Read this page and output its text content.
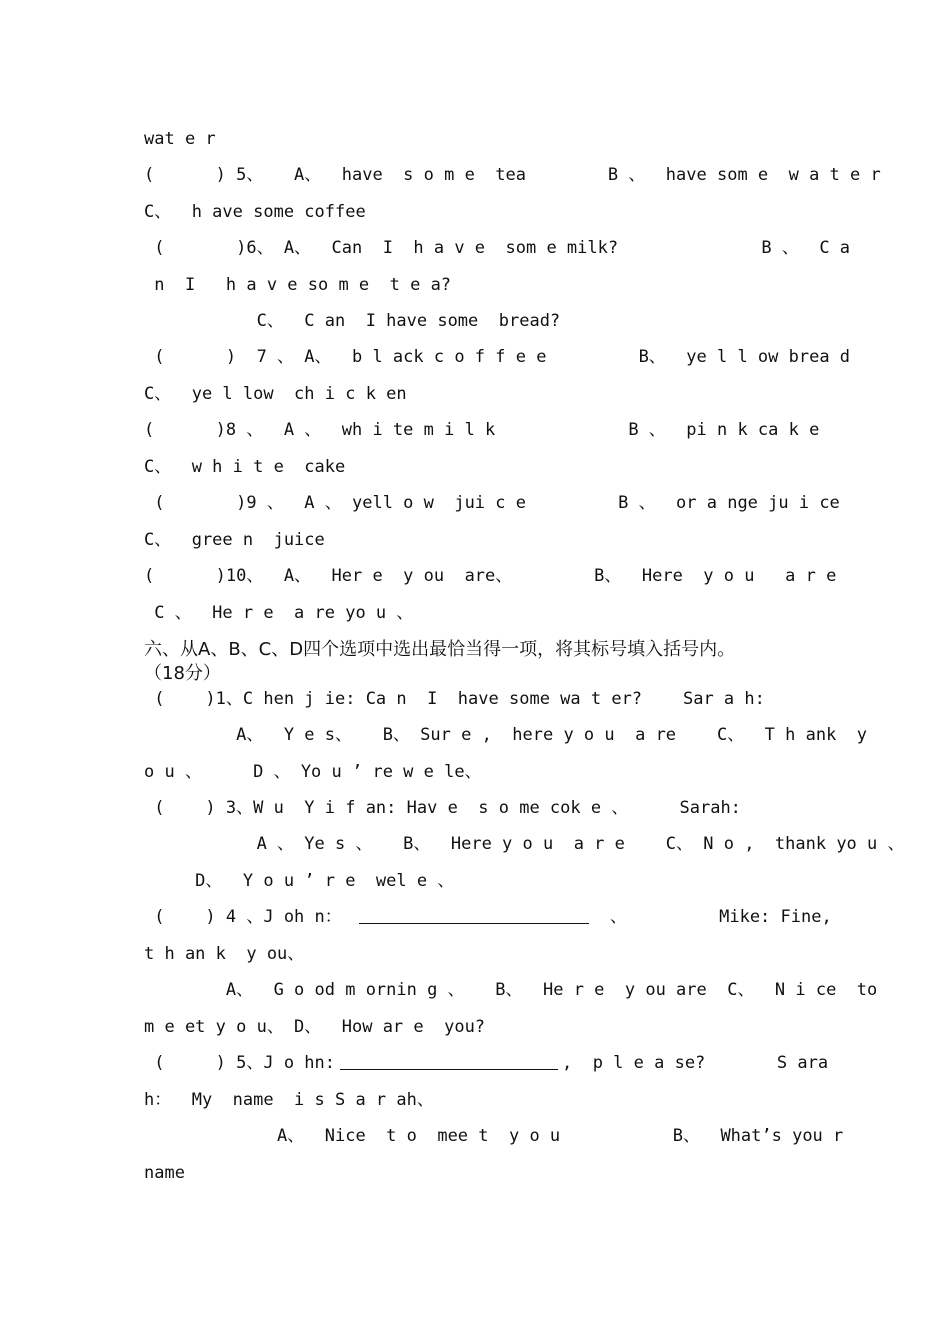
wat e r
(      ) 5、   A、  have  s o m e  tea        B 、  have som e  w a t e r
C、  h ave some coffee
(       )6、 A、  Can  I  h a v e  som e milk?              B 、  C a
n  I   h a v e so m e  t e a?
C、  C an  I have some  bread?
(      )  7 、 A、  b l ack c o f f e e         B、  ye l l ow brea d
C、  ye l low  ch i c k en
(      )8 、  A 、  wh i te m i l k             B 、  pi n k ca k e
C、  w h i t e  cake
(       )9 、  A 、 yell o w  jui c e         B 、  or a nge ju i ce
C、  gree n  juice
(      )10、  A、  Her e  y ou  are、        B、  Here  y o u   a r e
C 、  He r e  a re yo u 、
六、从A、B、C、D四个选项中选出最恰当得一项，将其标号填入括号内。
（18分）
(    )1、C hen j ie: Ca n  I  have some wa t er?    Sar a h:
A、  Y e s、   B、 Sur e ,  here y o u  a re    C、  T h ank  y
o u 、     D 、 Yo u ’ re w e le、
(    ) 3、W u  Y i f an: Hav e  s o me cok e 、     Sarah:
A 、 Ye s 、   B、  Here y o u  a r e    C、 N o ,  thank yo u 、
D、  Y o u ’ r e  wel e 、
(    ) 4 、J oh n：	、         Mike: Fine,
t h an k  y ou、
A、  G o od m ornin g 、   B、  He r e  y ou are  C、  N i ce  to
m e et y o u、 D、  How ar e  you?
(     ) 5、J o hn:	,  p l e a se?       S ara
h：  My  name  i s S a r ah、
A、  Nice  t o  mee t  y o u           B、  What’s you r
name
